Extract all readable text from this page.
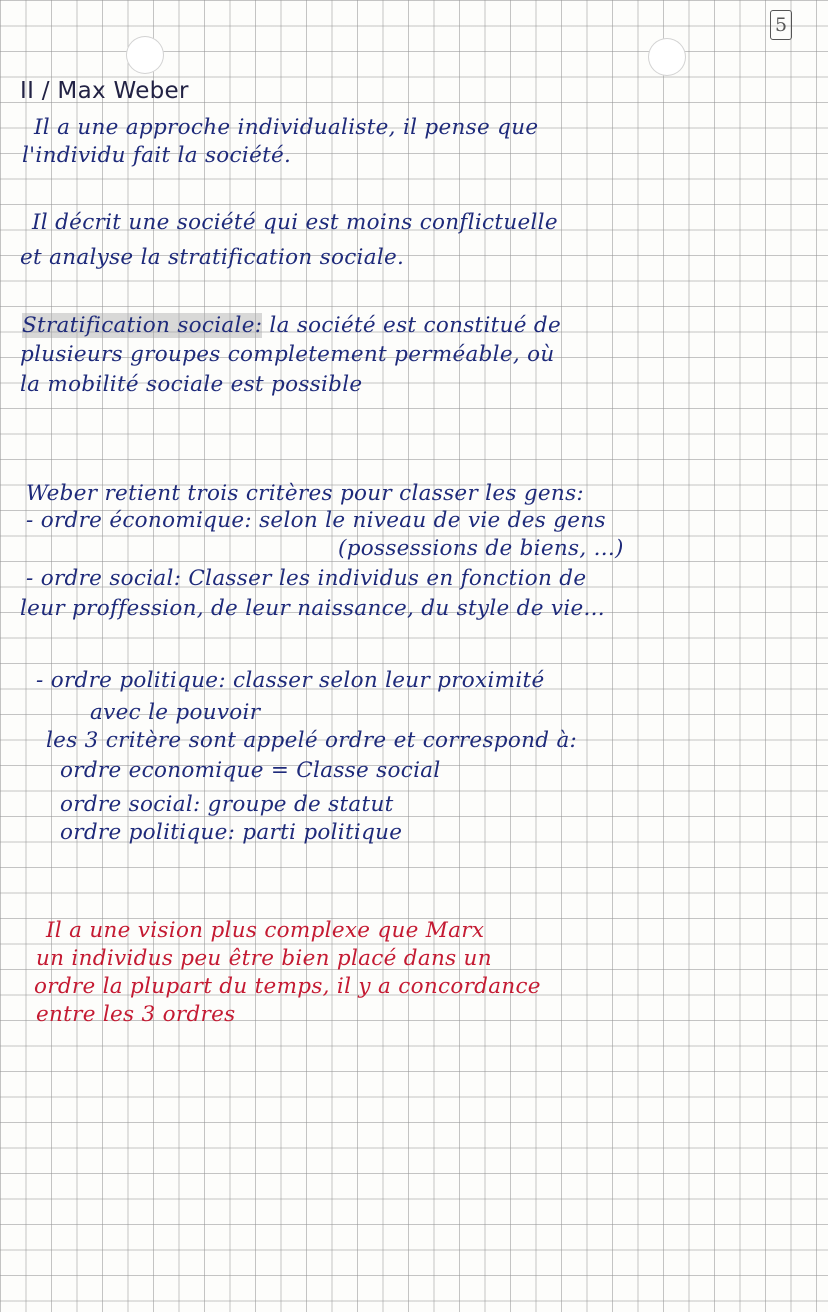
5
II / Max Weber
Il a une approche individualiste, il pense que
l'individu fait la société.
Il décrit une société qui est moins conflictuelle
et analyse la stratification sociale.
Stratification sociale: la société est constitué de
plusieurs groupes completement perméable, où
la mobilité sociale est possible
Weber retient trois critères pour classer les gens:
- ordre économique: selon le niveau de vie des gens
(possessions de biens, ...)
- ordre social: Classer les individus en fonction de
leur proffession, de leur naissance, du style de vie...
- ordre politique: classer selon leur proximité
avec le pouvoir
les 3 critère sont appelé ordre et correspond à:
ordre economique = Classe social
ordre social: groupe de statut
ordre politique: parti politique
Il a une vision plus complexe que Marx
un individus peu être bien placé dans un
ordre la plupart du temps, il y a concordance
entre les 3 ordres
